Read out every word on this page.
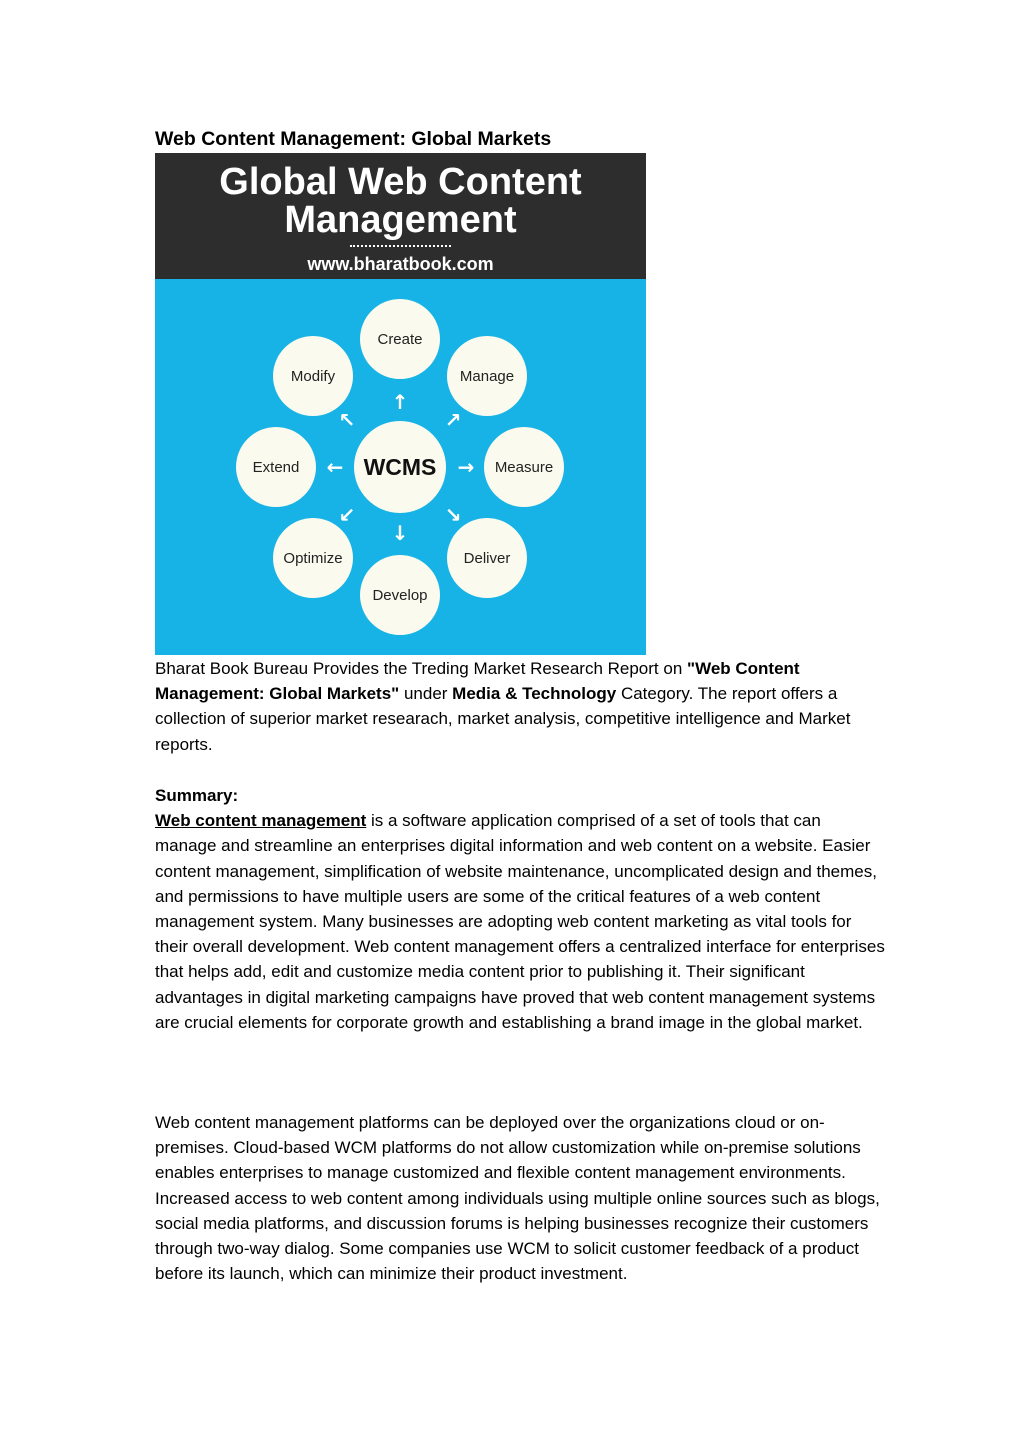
Web Content Management: Global Markets
Global Web Content
Management
www.bharatbook.com
Create
Manage
Measure
Deliver
Develop
Optimize
Extend
Modify
WCMS
↑
↗
→
↘
↓
↙
←
↖
Bharat Book Bureau Provides the Treding Market Research Report on "Web Content Management: Global Markets" under Media & Technology Category. The report offers a collection of superior market researach, market analysis, competitive intelligence and Market reports.
Summary:
Web content management is a software application comprised of a set of tools that can manage and streamline an enterprises digital information and web content on a website. Easier content management, simplification of website maintenance, uncomplicated design and themes, and permissions to have multiple users are some of the critical features of a web content management system. Many businesses are adopting web content marketing as vital tools for their overall development. Web content management offers a centralized interface for enterprises that helps add, edit and customize media content prior to publishing it. Their significant advantages in digital marketing campaigns have proved that web content management systems are crucial elements for corporate growth and establishing a brand image in the global market.
Web content management platforms can be deployed over the organizations cloud or on-premises. Cloud-based WCM platforms do not allow customization while on-premise solutions enables enterprises to manage customized and flexible content management environments. Increased access to web content among individuals using multiple online sources such as blogs, social media platforms, and discussion forums is helping businesses recognize their customers through two-way dialog. Some companies use WCM to solicit customer feedback of a product before its launch, which can minimize their product investment.
